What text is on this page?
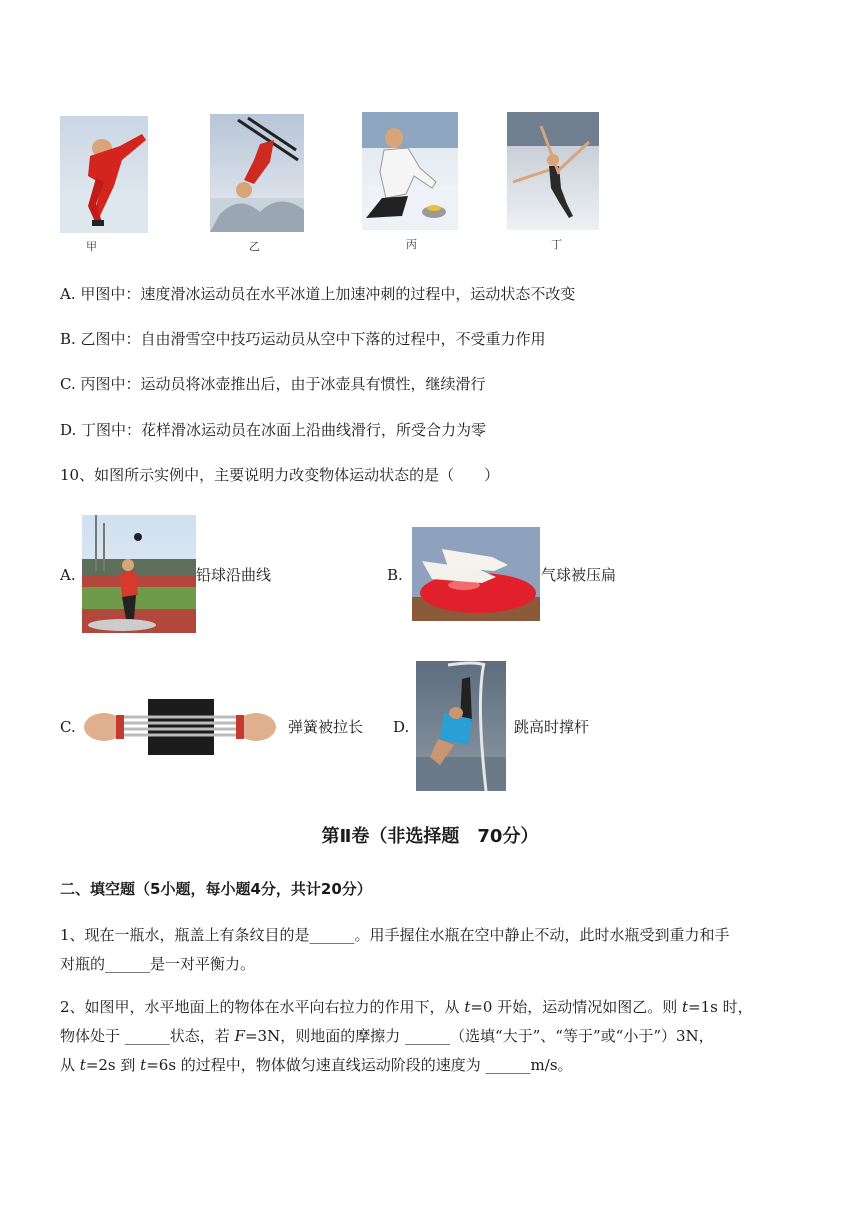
甲	乙	丙	丁
A. 甲图中：速度滑冰运动员在水平冰道上加速冲刺的过程中，运动状态不改变
B. 乙图中：自由滑雪空中技巧运动员从空中下落的过程中，不受重力作用
C. 丙图中：运动员将冰壶推出后，由于冰壶具有惯性，继续滑行
D. 丁图中：花样滑冰运动员在冰面上沿曲线滑行，所受合力为零
10、如图所示实例中，主要说明力改变物体运动状态的是（　　）
A.	铅球沿曲线	B.	气球被压扁
C.	弹簧被拉长 D.	跳高时撑杆
第Ⅱ卷（非选择题　70分）
二、填空题（5小题，每小题4分，共计20分）
1、现在一瓶水，瓶盖上有条纹目的是______。用手握住水瓶在空中静止不动，此时水瓶受到重力和手
对瓶的______是一对平衡力。
2、如图甲，水平地面上的物体在水平向右拉力的作用下，从 t=0 开始，运动情况如图乙。则 t=1s 时，
物体处于 ______状态，若 F=3N，则地面的摩擦力 ______（选填“大于”、“等于”或“小于”）3N，
从 t=2s 到 t=6s 的过程中，物体做匀速直线运动阶段的速度为 ______m/s。
